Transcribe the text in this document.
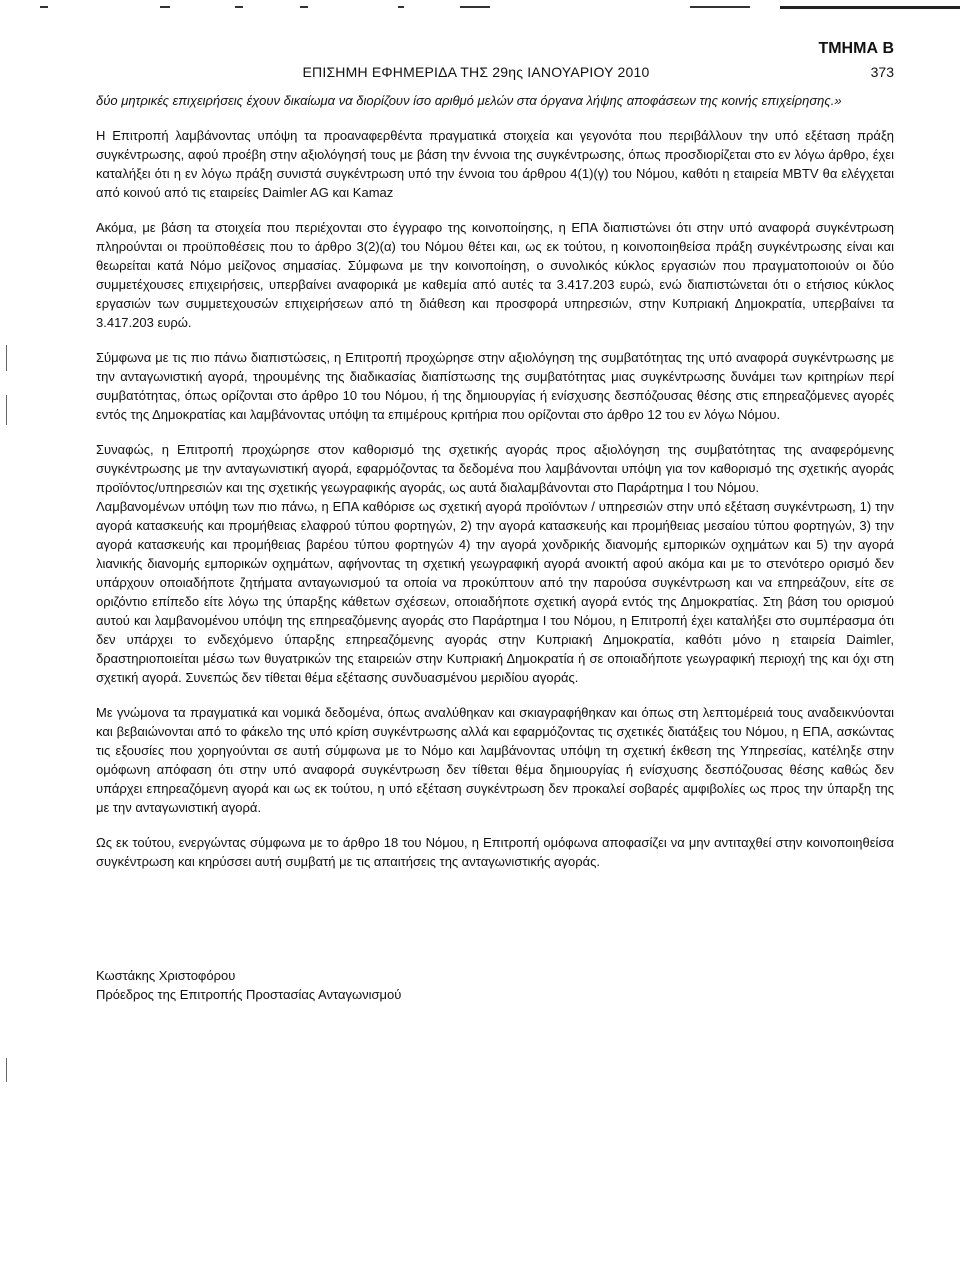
ΤΜΗΜΑ Β
ΕΠΙΣΗΜΗ ΕΦΗΜΕΡΙΔΑ ΤΗΣ 29ης ΙΑΝΟΥΑΡΙΟΥ 2010	373
δύο μητρικές επιχειρήσεις έχουν δικαίωμα να διορίζουν ίσο αριθμό μελών στα όργανα λήψης αποφάσεων της κοινής επιχείρησης.»

Η Επιτροπή λαμβάνοντας υπόψη τα προαναφερθέντα πραγματικά στοιχεία και γεγονότα που περιβάλλουν την υπό εξέταση πράξη συγκέντρωσης, αφού προέβη στην αξιολόγησή τους με βάση την έννοια της συγκέντρωσης, όπως προσδιορίζεται στο εν λόγω άρθρο, έχει καταλήξει ότι η εν λόγω πράξη συνιστά συγκέντρωση υπό την έννοια του άρθρου 4(1)(γ) του Νόμου, καθότι η εταιρεία MBTV θα ελέγχεται από κοινού από τις εταιρείες Daimler AG και Kamaz

Ακόμα, με βάση τα στοιχεία που περιέχονται στο έγγραφο της κοινοποίησης, η ΕΠΑ διαπιστώνει ότι στην υπό αναφορά συγκέντρωση πληρούνται οι προϋποθέσεις που το άρθρο 3(2)(α) του Νόμου θέτει και, ως εκ τούτου, η κοινοποιηθείσα πράξη συγκέντρωσης είναι και θεωρείται κατά Νόμο μείζονος σημασίας. Σύμφωνα με την κοινοποίηση, ο συνολικός κύκλος εργασιών που πραγματοποιούν οι δύο συμμετέχουσες επιχειρήσεις, υπερβαίνει αναφορικά με καθεμία από αυτές τα 3.417.203 ευρώ, ενώ διαπιστώνεται ότι ο ετήσιος κύκλος εργασιών των συμμετεχουσών επιχειρήσεων από τη διάθεση και προσφορά υπηρεσιών, στην Κυπριακή Δημοκρατία, υπερβαίνει τα 3.417.203 ευρώ.

Σύμφωνα με τις πιο πάνω διαπιστώσεις, η Επιτροπή προχώρησε στην αξιολόγηση της συμβατότητας της υπό αναφορά συγκέντρωσης με την ανταγωνιστική αγορά, τηρουμένης της διαδικασίας διαπίστωσης της συμβατότητας μιας συγκέντρωσης δυνάμει των κριτηρίων περί συμβατότητας, όπως ορίζονται στο άρθρο 10 του Νόμου, ή της δημιουργίας ή ενίσχυσης δεσπόζουσας θέσης στις επηρεαζόμενες αγορές εντός της Δημοκρατίας και λαμβάνοντας υπόψη τα επιμέρους κριτήρια που ορίζονται στο άρθρο 12 του εν λόγω Νόμου.

Συναφώς, η Επιτροπή προχώρησε στον καθορισμό της σχετικής αγοράς προς αξιολόγηση της συμβατότητας της αναφερόμενης συγκέντρωσης με την ανταγωνιστική αγορά, εφαρμόζοντας τα δεδομένα που λαμβάνονται υπόψη για τον καθορισμό της σχετικής αγοράς προϊόντος/υπηρεσιών και της σχετικής γεωγραφικής αγοράς, ως αυτά διαλαμβάνονται στο Παράρτημα I του Νόμου.

Λαμβανομένων υπόψη των πιο πάνω, η ΕΠΑ καθόρισε ως σχετική αγορά προϊόντων / υπηρεσιών στην υπό εξέταση συγκέντρωση, 1) την αγορά κατασκευής και προμήθειας ελαφρού τύπου φορτηγών, 2) την αγορά κατασκευής και προμήθειας μεσαίου τύπου φορτηγών, 3) την αγορά κατασκευής και προμήθειας βαρέου τύπου φορτηγών 4) την αγορά χονδρικής διανομής εμπορικών οχημάτων και 5) την αγορά λιανικής διανομής εμπορικών οχημάτων, αφήνοντας τη σχετική γεωγραφική αγορά ανοικτή αφού ακόμα και με το στενότερο ορισμό δεν υπάρχουν οποιαδήποτε ζητήματα ανταγωνισμού τα οποία να προκύπτουν από την παρούσα συγκέντρωση και να επηρεάζουν, είτε σε οριζόντιο επίπεδο είτε λόγω της ύπαρξης κάθετων σχέσεων, οποιαδήποτε σχετική αγορά εντός της Δημοκρατίας. Στη βάση του ορισμού αυτού και λαμβανομένου υπόψη της επηρεαζόμενης αγοράς στο Παράρτημα I του Νόμου, η Επιτροπή έχει καταλήξει στο συμπέρασμα ότι δεν υπάρχει το ενδεχόμενο ύπαρξης επηρεαζόμενης αγοράς στην Κυπριακή Δημοκρατία, καθότι μόνο η εταιρεία Daimler, δραστηριοποιείται μέσω των θυγατρικών της εταιρειών στην Κυπριακή Δημοκρατία ή σε οποιαδήποτε γεωγραφική περιοχή της και όχι στη σχετική αγορά. Συνεπώς δεν τίθεται θέμα εξέτασης συνδυασμένου μεριδίου αγοράς.

Με γνώμονα τα πραγματικά και νομικά δεδομένα, όπως αναλύθηκαν και σκιαγραφήθηκαν και όπως στη λεπτομέρειά τους αναδεικνύονται και βεβαιώνονται από το φάκελο της υπό κρίση συγκέντρωσης αλλά και εφαρμόζοντας τις σχετικές διατάξεις του Νόμου, η ΕΠΑ, ασκώντας τις εξουσίες που χορηγούνται σε αυτή σύμφωνα με το Νόμο και λαμβάνοντας υπόψη τη σχετική έκθεση της Υπηρεσίας, κατέληξε στην ομόφωνη απόφαση ότι στην υπό αναφορά συγκέντρωση δεν τίθεται θέμα δημιουργίας ή ενίσχυσης δεσπόζουσας θέσης καθώς δεν υπάρχει επηρεαζόμενη αγορά και ως εκ τούτου, η υπό εξέταση συγκέντρωση δεν προκαλεί σοβαρές αμφιβολίες ως προς την ύπαρξη της με την ανταγωνιστική αγορά.

Ως εκ τούτου, ενεργώντας σύμφωνα με το άρθρο 18 του Νόμου, η Επιτροπή ομόφωνα αποφασίζει να μην αντιταχθεί στην κοινοποιηθείσα συγκέντρωση και κηρύσσει αυτή συμβατή με τις απαιτήσεις της ανταγωνιστικής αγοράς.

Κωστάκης Χριστοφόρου
Πρόεδρος της Επιτροπής Προστασίας Ανταγωνισμού
